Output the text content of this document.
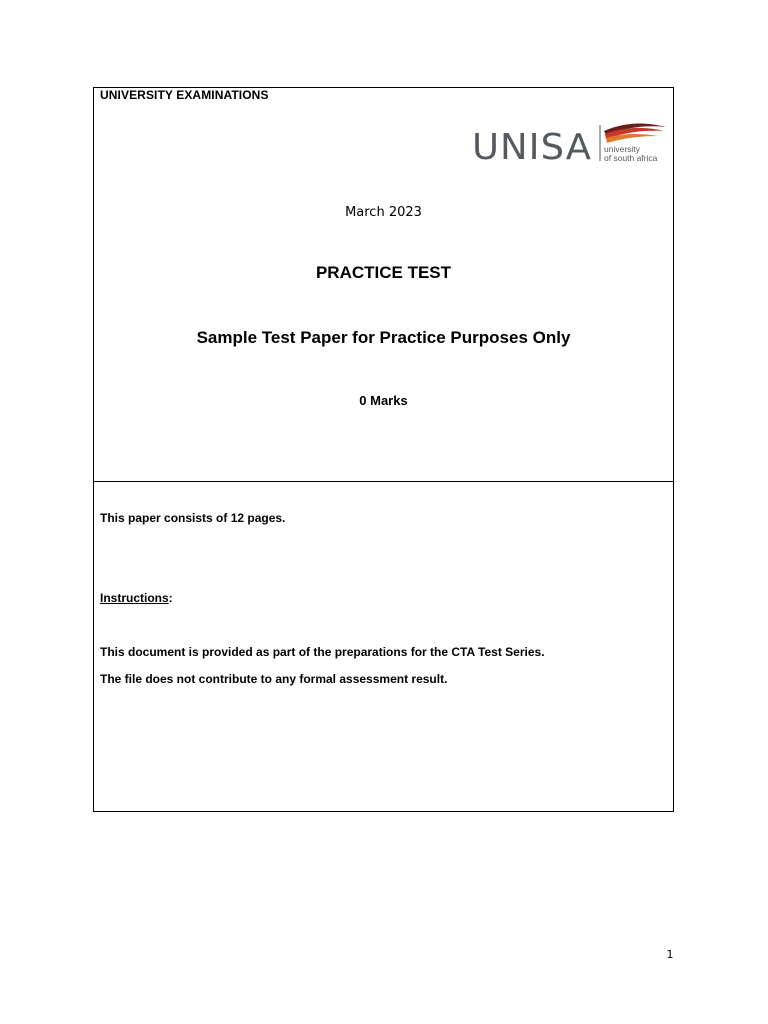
UNIVERSITY EXAMINATIONS
UNISA university
of south africa
March 2023
PRACTICE TEST
Sample Test Paper for Practice Purposes Only
0 Marks
This paper consists of 12 pages.
Instructions:
This document is provided as part of the preparations for the CTA Test Series.
The file does not contribute to any formal assessment result.
1
